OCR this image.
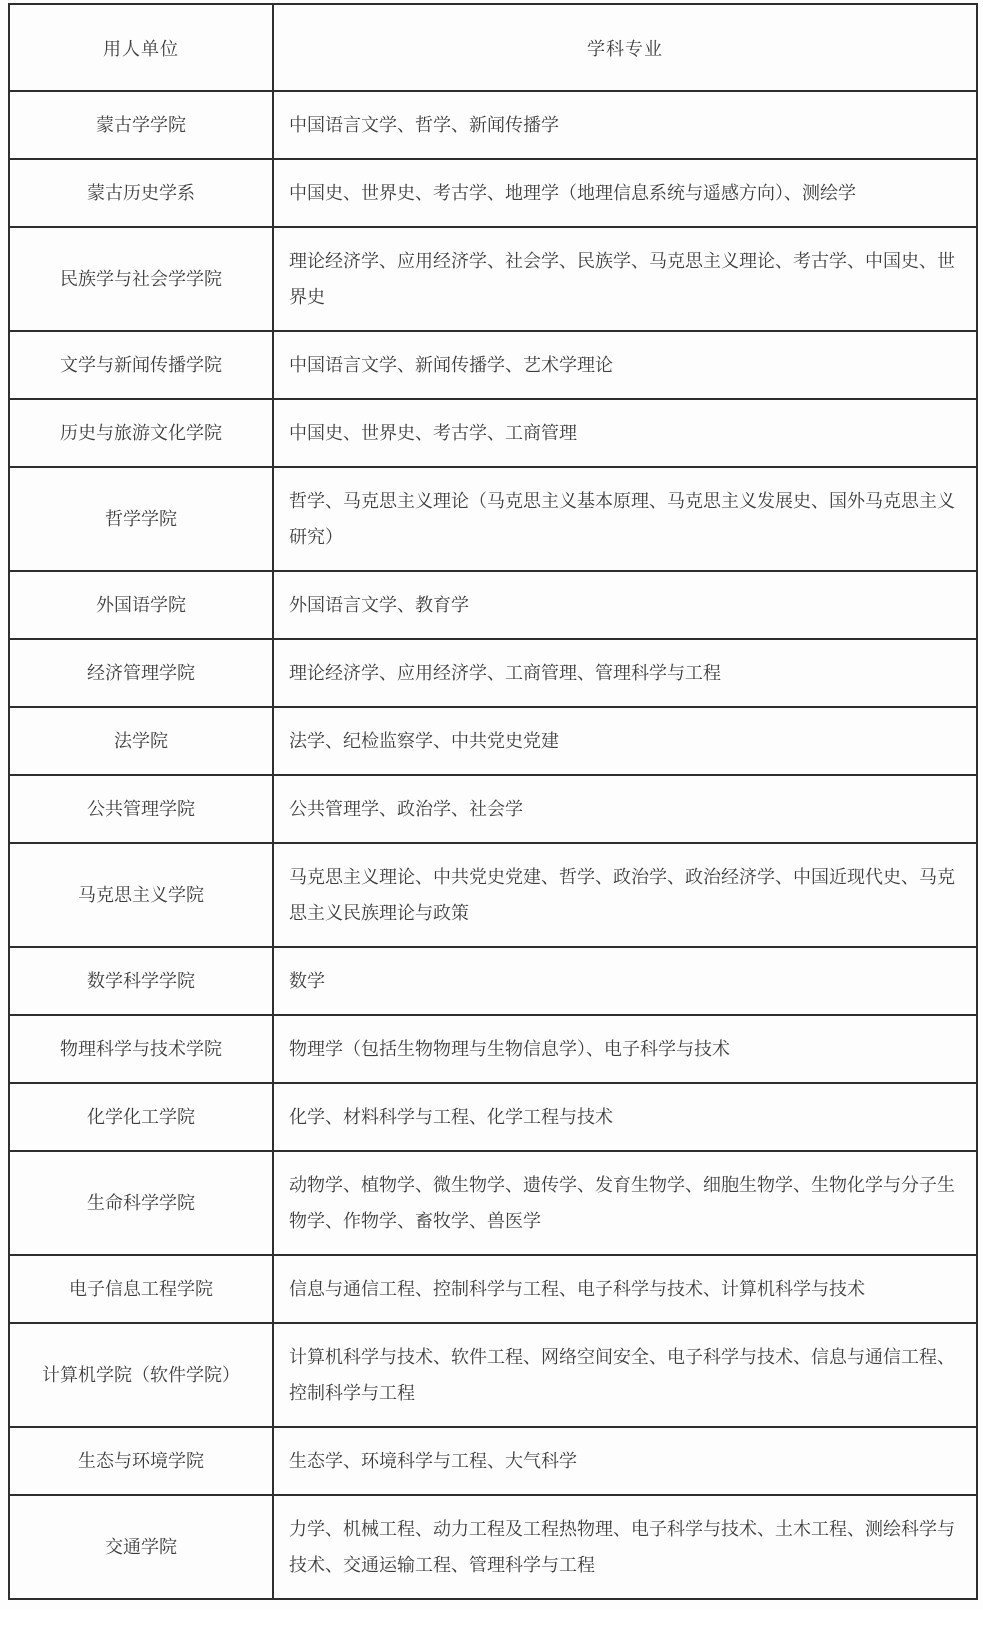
用人单位	学科专业
蒙古学学院	中国语言文学、哲学、新闻传播学
蒙古历史学系	中国史、世界史、考古学、地理学（地理信息系统与遥感方向）、测绘学
民族学与社会学学院	理论经济学、应用经济学、社会学、民族学、马克思主义理论、考古学、中国史、世界史
文学与新闻传播学院	中国语言文学、新闻传播学、艺术学理论
历史与旅游文化学院	中国史、世界史、考古学、工商管理
哲学学院	哲学、马克思主义理论（马克思主义基本原理、马克思主义发展史、国外马克思主义研究）
外国语学院	外国语言文学、教育学
经济管理学院	理论经济学、应用经济学、工商管理、管理科学与工程
法学院	法学、纪检监察学、中共党史党建
公共管理学院	公共管理学、政治学、社会学
马克思主义学院	马克思主义理论、中共党史党建、哲学、政治学、政治经济学、中国近现代史、马克思主义民族理论与政策
数学科学学院	数学
物理科学与技术学院	物理学（包括生物物理与生物信息学）、电子科学与技术
化学化工学院	化学、材料科学与工程、化学工程与技术
生命科学学院	动物学、植物学、微生物学、遗传学、发育生物学、细胞生物学、生物化学与分子生物学、作物学、畜牧学、兽医学
电子信息工程学院	信息与通信工程、控制科学与工程、电子科学与技术、计算机科学与技术
计算机学院（软件学院）	计算机科学与技术、软件工程、网络空间安全、电子科学与技术、信息与通信工程、控制科学与工程
生态与环境学院	生态学、环境科学与工程、大气科学
交通学院	力学、机械工程、动力工程及工程热物理、电子科学与技术、土木工程、测绘科学与技术、交通运输工程、管理科学与工程
